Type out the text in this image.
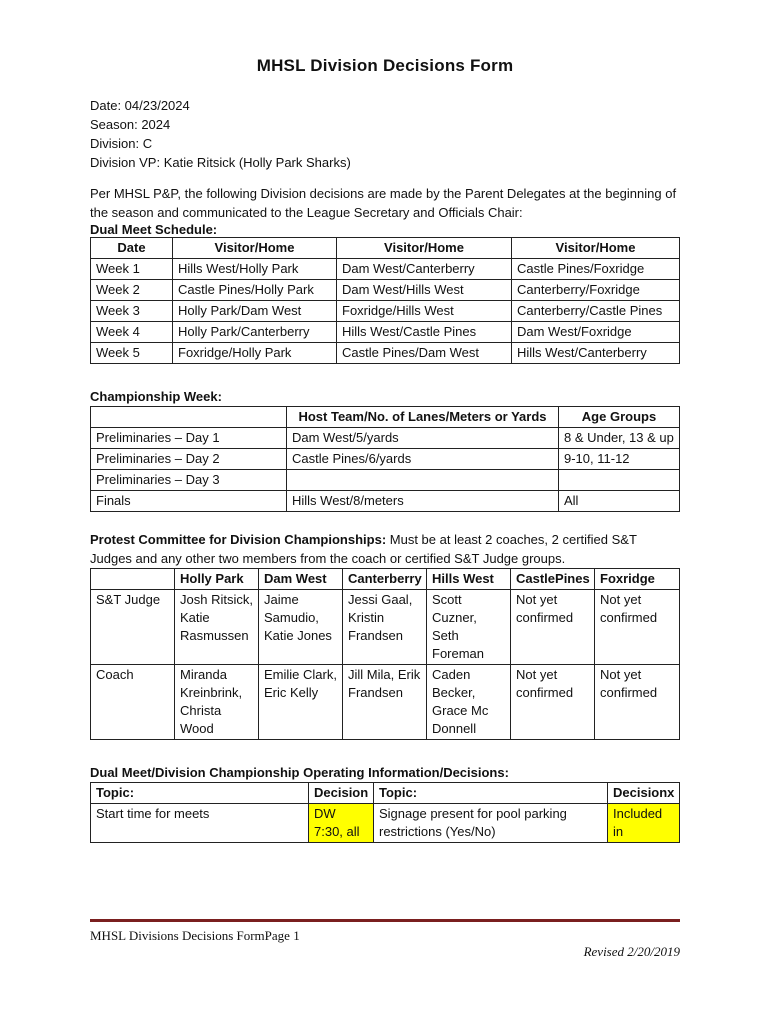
MHSL Division Decisions Form
Date: 04/23/2024
Season: 2024
Division: C
Division VP: Katie Ritsick (Holly Park Sharks)
Per MHSL P&P, the following Division decisions are made by the Parent Delegates at the beginning of the season and communicated to the League Secretary and Officials Chair:
Dual Meet Schedule:
Date	Visitor/Home	Visitor/Home	Visitor/Home
Week 1	Hills West/Holly Park	Dam West/Canterberry	Castle Pines/Foxridge
Week 2	Castle Pines/Holly Park	Dam West/Hills West	Canterberry/Foxridge
Week 3	Holly Park/Dam West	Foxridge/Hills West	Canterberry/Castle Pines
Week 4	Holly Park/Canterberry	Hills West/Castle Pines	Dam West/Foxridge
Week 5	Foxridge/Holly Park	Castle Pines/Dam West	Hills West/Canterberry
Championship Week:
	Host Team/No. of Lanes/Meters or Yards	Age Groups
Preliminaries – Day 1	Dam West/5/yards	8 & Under, 13 & up
Preliminaries – Day 2	Castle Pines/6/yards	9-10, 11-12
Preliminaries – Day 3		
Finals	Hills West/8/meters	All
Protest Committee for Division Championships: Must be at least 2 coaches, 2 certified S&T Judges and any other two members from the coach or certified S&T Judge groups.
	Holly Park	Dam West	Canterberry	Hills West	CastlePines	Foxridge
S&T Judge	Josh Ritsick, Katie Rasmussen	Jaime Samudio, Katie Jones	Jessi Gaal, Kristin Frandsen	Scott Cuzner, Seth Foreman	Not yet confirmed	Not yet confirmed
Coach	Miranda Kreinbrink, Christa Wood	Emilie Clark, Eric Kelly	Jill Mila, Erik Frandsen	Caden Becker, Grace Mc Donnell	Not yet confirmed	Not yet confirmed
Dual Meet/Division Championship Operating Information/Decisions:
Topic:	Decision	Topic:	Decisionx
Start time for meets	DW 7:30, all	Signage present for pool parking restrictions (Yes/No)	Included in
MHSL Divisions Decisions FormPage 1
Revised 2/20/2019
